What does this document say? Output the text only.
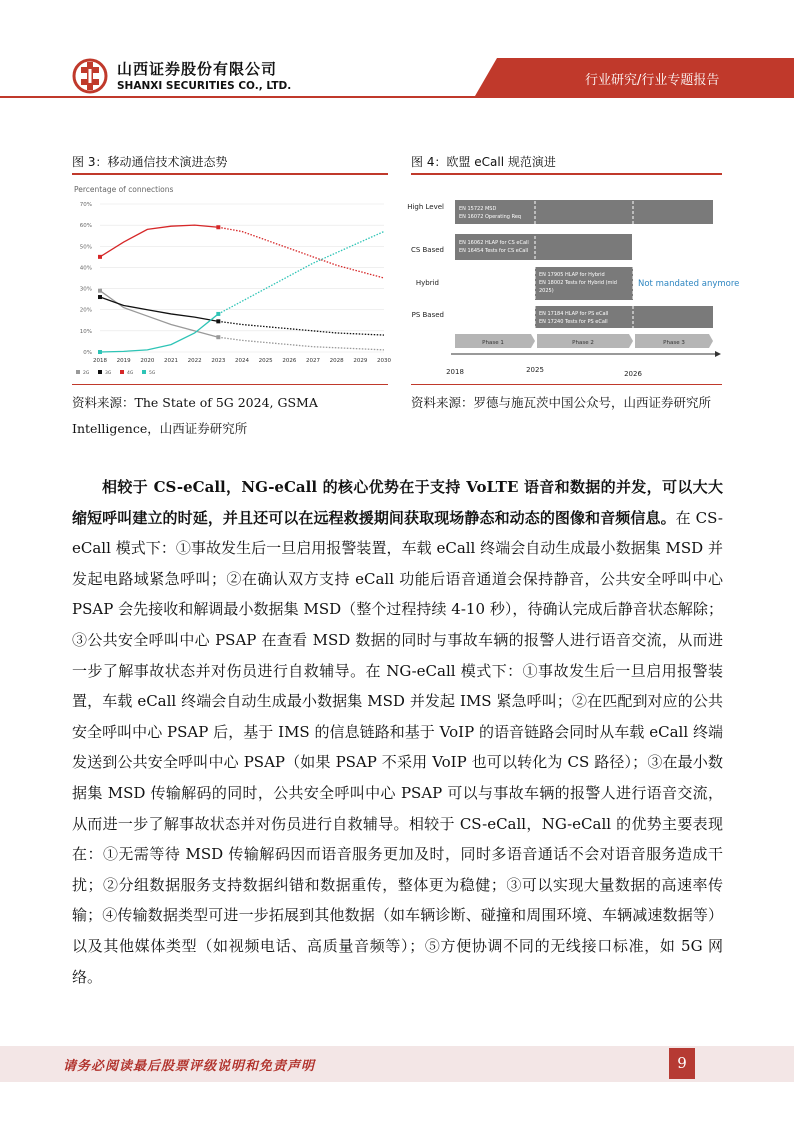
山西证券股份有限公司
SHANXI SECURITIES CO., LTD.	行业研究/行业专题报告
图 3：移动通信技术演进态势
Percentage of connections
0%
10%
20%
30%
40%
50%
60%
70%
2018 2019 2020 2021 2022 2023 2024 2025 2026 2027 2028 2029 2030
2G	3G	4G	5G
资料来源：The State of 5G 2024, GSMA Intelligence，山西证券研究所
图 4：欧盟 eCall 规范演进
High Level
CS Based
Hybrid
PS Based
EN 15722 MSD
EN 16072 Operating Req
EN 16062 HLAP for CS eCall
EN 16454 Tests for CS eCall
EN 17905 HLAP for Hybrid
EN 18002 Tests for Hybrid (mid
2025)
Not mandated anymore
EN 17184 HLAP for PS eCall
EN 17240 Tests for PS eCall
Phase 1	Phase 2	Phase 3
2018	2025	2026
资料来源：罗德与施瓦茨中国公众号，山西证券研究所
相较于 CS-eCall，NG-eCall 的核心优势在于支持 VoLTE 语音和数据的并发，可以大大缩短呼叫建立的时延，并且还可以在远程救援期间获取现场静态和动态的图像和音频信息。在 CS-eCall 模式下：①事故发生后一旦启用报警装置，车载 eCall 终端会自动生成最小数据集 MSD 并发起电路域紧急呼叫；②在确认双方支持 eCall 功能后语音通道会保持静音，公共安全呼叫中心 PSAP 会先接收和解调最小数据集 MSD（整个过程持续 4-10 秒），待确认完成后静音状态解除；③公共安全呼叫中心 PSAP 在查看 MSD 数据的同时与事故车辆的报警人进行语音交流，从而进一步了解事故状态并对伤员进行自救辅导。在 NG-eCall 模式下：①事故发生后一旦启用报警装置，车载 eCall 终端会自动生成最小数据集 MSD 并发起 IMS 紧急呼叫；②在匹配到对应的公共安全呼叫中心 PSAP 后，基于 IMS 的信息链路和基于 VoIP 的语音链路会同时从车载 eCall 终端发送到公共安全呼叫中心 PSAP（如果 PSAP 不采用 VoIP 也可以转化为 CS 路径）；③在最小数据集 MSD 传输解码的同时，公共安全呼叫中心 PSAP 可以与事故车辆的报警人进行语音交流，从而进一步了解事故状态并对伤员进行自救辅导。相较于 CS-eCall，NG-eCall 的优势主要表现在：①无需等待 MSD 传输解码因而语音服务更加及时，同时多语音通话不会对语音服务造成干扰；②分组数据服务支持数据纠错和数据重传，整体更为稳健；③可以实现大量数据的高速率传输；④传输数据类型可进一步拓展到其他数据（如车辆诊断、碰撞和周围环境、车辆减速数据等）以及其他媒体类型（如视频电话、高质量音频等）；⑤方便协调不同的无线接口标准，如 5G 网络。
请务必阅读最后股票评级说明和免责声明	9
